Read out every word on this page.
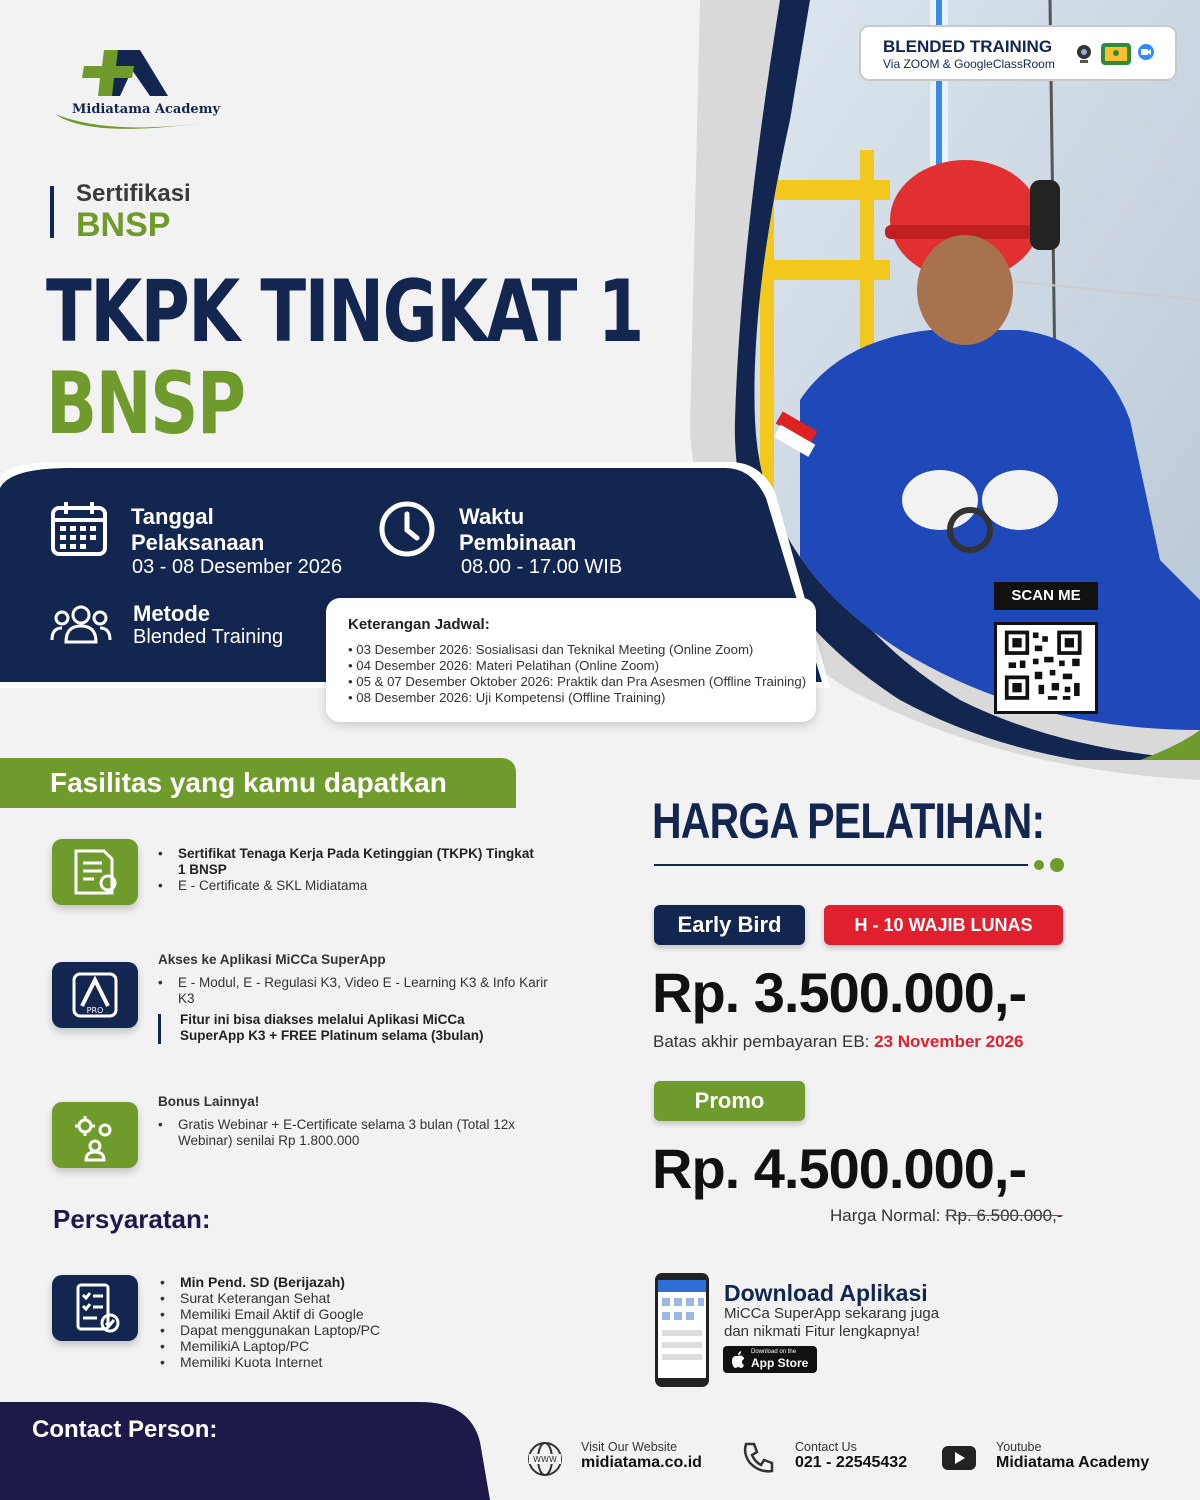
Midiatama Academy
BLENDED TRAINING
Via ZOOM & GoogleClassRoom
Sertifikasi
BNSP
TKPK TINGKAT 1
BNSP
Tanggal
Pelaksanaan
03 - 08 Desember 2026
Waktu
Pembinaan
08.00 - 17.00 WIB
Metode
Blended Training
Keterangan Jadwal:
• 03 Desember 2026: Sosialisasi dan Teknikal Meeting (Online Zoom)
• 04 Desember 2026: Materi Pelatihan (Online Zoom)
• 05 & 07 Desember Oktober 2026: Praktik dan Pra Asesmen (Offline Training)
• 08 Desember 2026: Uji Kompetensi (Offline Training)
SCAN ME
Fasilitas yang kamu dapatkan
• Sertifikat Tenaga Kerja Pada Ketinggian (TKPK) Tingkat 1 BNSP
• E - Certificate & SKL Midiatama
PRO
Akses ke Aplikasi MiCCa SuperApp
• E - Modul, E - Regulasi K3, Video E - Learning K3 & Info Karir K3
Fitur ini bisa diakses melalui Aplikasi MiCCa SuperApp K3 + FREE Platinum selama (3bulan)
Bonus Lainnya!
• Gratis Webinar + E-Certificate selama 3 bulan (Total 12x Webinar) senilai Rp 1.800.000
Persyaratan:
• Min Pend. SD (Berijazah)
• Surat Keterangan Sehat
• Memiliki Email Aktif di Google
• Dapat menggunakan Laptop/PC
• MemilikiA Laptop/PC
• Memiliki Kuota Internet
HARGA PELATIHAN:
Early Bird	H - 10 WAJIB LUNAS
Rp. 3.500.000,-
Batas akhir pembayaran EB: 23 November 2026
Promo
Rp. 4.500.000,-
Harga Normal: Rp. 6.500.000,-
Download Aplikasi
MiCCa SuperApp sekarang juga
dan nikmati Fitur lengkapnya!
Download on the
App Store
Contact Person:
WWW
Visit Our Website
midiatama.co.id
Contact Us
021 - 22545432
Youtube
Midiatama Academy
